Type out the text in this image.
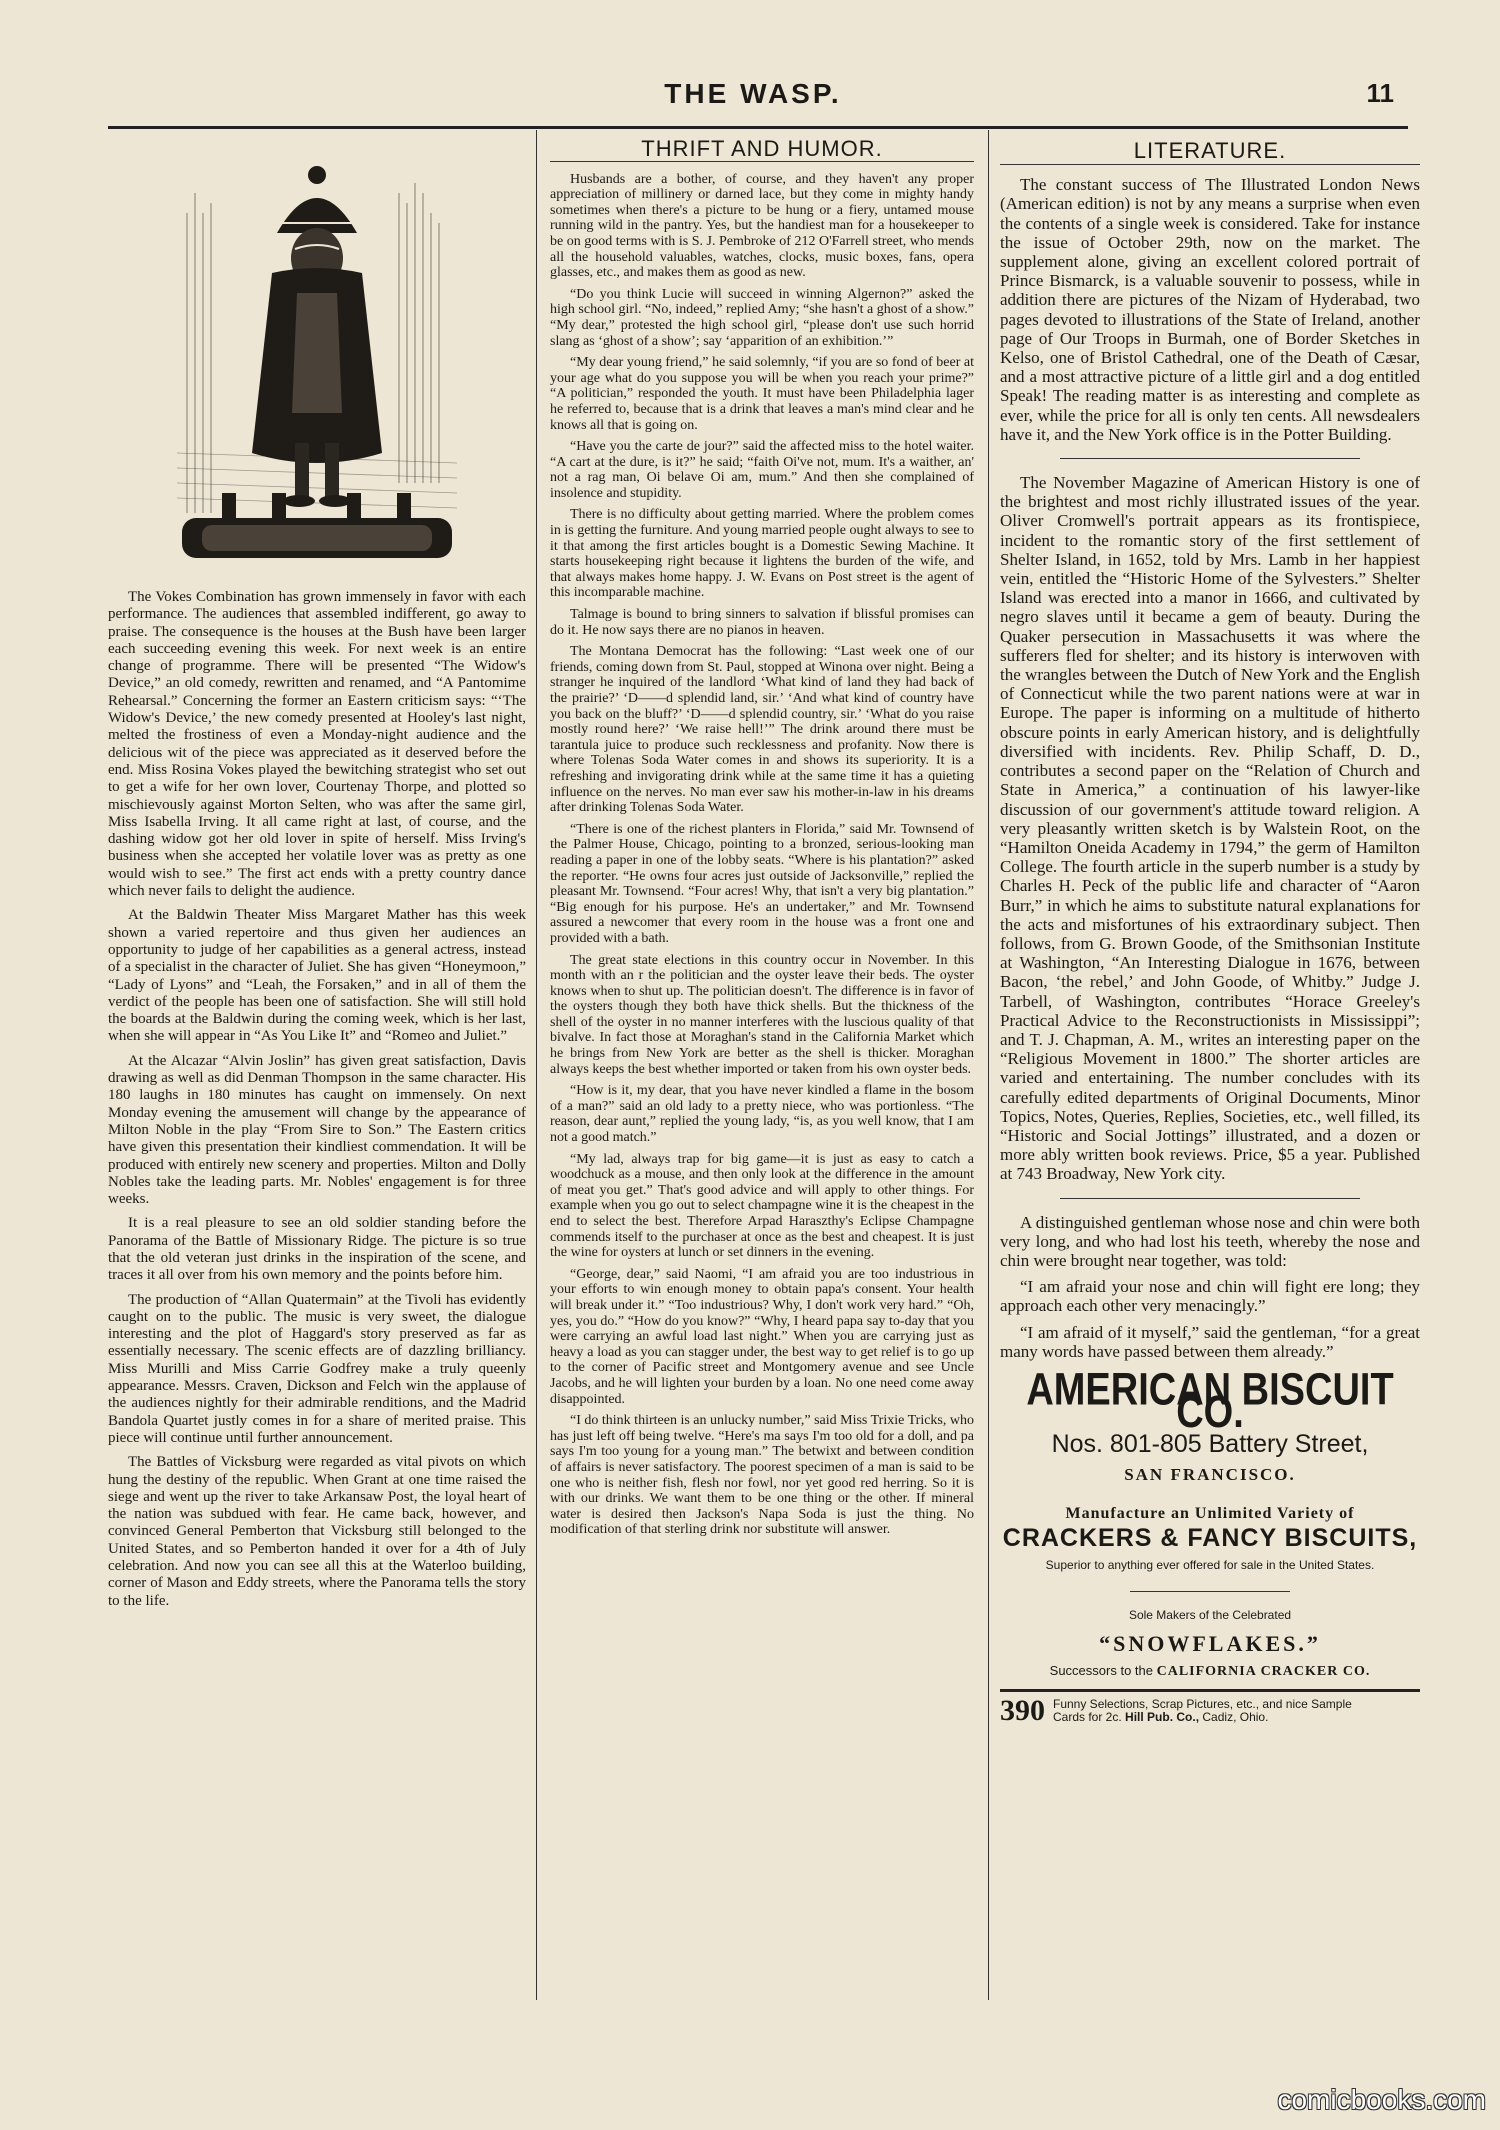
THE WASP.	11

The Vokes Combination has grown immensely in favor with each performance. The audiences that assembled indifferent, go away to praise. The consequence is the houses at the Bush have been larger each succeeding evening this week. For next week is an entire change of programme. There will be presented “The Widow's Device,” an old comedy, rewritten and renamed, and “A Pantomime Rehearsal.” Concerning the former an Eastern criticism says: “‘The Widow's Device,’ the new comedy presented at Hooley's last night, melted the frostiness of even a Monday-night audience and the delicious wit of the piece was appreciated as it deserved before the end. Miss Rosina Vokes played the bewitching strategist who set out to get a wife for her own lover, Courtenay Thorpe, and plotted so mischievously against Morton Selten, who was after the same girl, Miss Isabella Irving. It all came right at last, of course, and the dashing widow got her old lover in spite of herself. Miss Irving's business when she accepted her volatile lover was as pretty as one would wish to see.” The first act ends with a pretty country dance which never fails to delight the audience.

At the Baldwin Theater Miss Margaret Mather has this week shown a varied repertoire and thus given her audiences an opportunity to judge of her capabilities as a general actress, instead of a specialist in the character of Juliet. She has given “Honeymoon,” “Lady of Lyons” and “Leah, the Forsaken,” and in all of them the verdict of the people has been one of satisfaction. She will still hold the boards at the Baldwin during the coming week, which is her last, when she will appear in “As You Like It” and “Romeo and Juliet.”

At the Alcazar “Alvin Joslin” has given great satisfaction, Davis drawing as well as did Denman Thompson in the same character. His 180 laughs in 180 minutes has caught on immensely. On next Monday evening the amusement will change by the appearance of Milton Noble in the play “From Sire to Son.” The Eastern critics have given this presentation their kindliest commendation. It will be produced with entirely new scenery and properties. Milton and Dolly Nobles take the leading parts. Mr. Nobles' engagement is for three weeks.

It is a real pleasure to see an old soldier standing before the Panorama of the Battle of Missionary Ridge. The picture is so true that the old veteran just drinks in the inspiration of the scene, and traces it all over from his own memory and the points before him.

The production of “Allan Quatermain” at the Tivoli has evidently caught on to the public. The music is very sweet, the dialogue interesting and the plot of Haggard's story preserved as far as essentially necessary. The scenic effects are of dazzling brilliancy. Miss Murilli and Miss Carrie Godfrey make a truly queenly appearance. Messrs. Craven, Dickson and Felch win the applause of the audiences nightly for their admirable renditions, and the Madrid Bandola Quartet justly comes in for a share of merited praise. This piece will continue until further announcement.

The Battles of Vicksburg were regarded as vital pivots on which hung the destiny of the republic. When Grant at one time raised the siege and went up the river to take Arkansaw Post, the loyal heart of the nation was subdued with fear. He came back, however, and convinced General Pemberton that Vicksburg still belonged to the United States, and so Pemberton handed it over for a 4th of July celebration. And now you can see all this at the Waterloo building, corner of Mason and Eddy streets, where the Panorama tells the story to the life.

THRIFT AND HUMOR.

Husbands are a bother, of course, and they haven't any proper appreciation of millinery or darned lace, but they come in mighty handy sometimes when there's a picture to be hung or a fiery, untamed mouse running wild in the pantry. Yes, but the handiest man for a housekeeper to be on good terms with is S. J. Pembroke of 212 O'Farrell street, who mends all the household valuables, watches, clocks, music boxes, fans, opera glasses, etc., and makes them as good as new.

“Do you think Lucie will succeed in winning Algernon?” asked the high school girl. “No, indeed,” replied Amy; “she hasn't a ghost of a show.” “My dear,” protested the high school girl, “please don't use such horrid slang as ‘ghost of a show’; say ‘apparition of an exhibition.’”

“My dear young friend,” he said solemnly, “if you are so fond of beer at your age what do you suppose you will be when you reach your prime?” “A politician,” responded the youth. It must have been Philadelphia lager he referred to, because that is a drink that leaves a man's mind clear and he knows all that is going on.

“Have you the carte de jour?” said the affected miss to the hotel waiter. “A cart at the dure, is it?” he said; “faith Oi've not, mum. It's a waither, an' not a rag man, Oi belave Oi am, mum.” And then she complained of insolence and stupidity.

There is no difficulty about getting married. Where the problem comes in is getting the furniture. And young married people ought always to see to it that among the first articles bought is a Domestic Sewing Machine. It starts housekeeping right because it lightens the burden of the wife, and that always makes home happy. J. W. Evans on Post street is the agent of this incomparable machine.

Talmage is bound to bring sinners to salvation if blissful promises can do it. He now says there are no pianos in heaven.

The Montana Democrat has the following: “Last week one of our friends, coming down from St. Paul, stopped at Winona over night. Being a stranger he inquired of the landlord ‘What kind of land they had back of the prairie?’ ‘D——d splendid land, sir.’ ‘And what kind of country have you back on the bluff?’ ‘D——d splendid country, sir.’ ‘What do you raise mostly round here?’ ‘We raise hell!’” The drink around there must be tarantula juice to produce such recklessness and profanity. Now there is where Tolenas Soda Water comes in and shows its superiority. It is a refreshing and invigorating drink while at the same time it has a quieting influence on the nerves. No man ever saw his mother-in-law in his dreams after drinking Tolenas Soda Water.

“There is one of the richest planters in Florida,” said Mr. Townsend of the Palmer House, Chicago, pointing to a bronzed, serious-looking man reading a paper in one of the lobby seats. “Where is his plantation?” asked the reporter. “He owns four acres just outside of Jacksonville,” replied the pleasant Mr. Townsend. “Four acres! Why, that isn't a very big plantation.” “Big enough for his purpose. He's an undertaker,” and Mr. Townsend assured a newcomer that every room in the house was a front one and provided with a bath.

The great state elections in this country occur in November. In this month with an r the politician and the oyster leave their beds. The oyster knows when to shut up. The politician doesn't. The difference is in favor of the oysters though they both have thick shells. But the thickness of the shell of the oyster in no manner interferes with the luscious quality of that bivalve. In fact those at Moraghan's stand in the California Market which he brings from New York are better as the shell is thicker. Moraghan always keeps the best whether imported or taken from his own oyster beds.

“How is it, my dear, that you have never kindled a flame in the bosom of a man?” said an old lady to a pretty niece, who was portionless. “The reason, dear aunt,” replied the young lady, “is, as you well know, that I am not a good match.”

“My lad, always trap for big game—it is just as easy to catch a woodchuck as a mouse, and then only look at the difference in the amount of meat you get.” That's good advice and will apply to other things. For example when you go out to select champagne wine it is the cheapest in the end to select the best. Therefore Arpad Haraszthy's Eclipse Champagne commends itself to the purchaser at once as the best and cheapest. It is just the wine for oysters at lunch or set dinners in the evening.

“George, dear,” said Naomi, “I am afraid you are too industrious in your efforts to win enough money to obtain papa's consent. Your health will break under it.” “Too industrious? Why, I don't work very hard.” “Oh, yes, you do.” “How do you know?” “Why, I heard papa say to-day that you were carrying an awful load last night.” When you are carrying just as heavy a load as you can stagger under, the best way to get relief is to go up to the corner of Pacific street and Montgomery avenue and see Uncle Jacobs, and he will lighten your burden by a loan. No one need come away disappointed.

“I do think thirteen is an unlucky number,” said Miss Trixie Tricks, who has just left off being twelve. “Here's ma says I'm too old for a doll, and pa says I'm too young for a young man.” The betwixt and between condition of affairs is never satisfactory. The poorest specimen of a man is said to be one who is neither fish, flesh nor fowl, nor yet good red herring. So it is with our drinks. We want them to be one thing or the other. If mineral water is desired then Jackson's Napa Soda is just the thing. No modification of that sterling drink nor substitute will answer.

LITERATURE.

The constant success of The Illustrated London News (American edition) is not by any means a surprise when even the contents of a single week is considered. Take for instance the issue of October 29th, now on the market. The supplement alone, giving an excellent colored portrait of Prince Bismarck, is a valuable souvenir to possess, while in addition there are pictures of the Nizam of Hyderabad, two pages devoted to illustrations of the State of Ireland, another page of Our Troops in Burmah, one of Border Sketches in Kelso, one of Bristol Cathedral, one of the Death of Cæsar, and a most attractive picture of a little girl and a dog entitled Speak! The reading matter is as interesting and complete as ever, while the price for all is only ten cents. All newsdealers have it, and the New York office is in the Potter Building.

The November Magazine of American History is one of the brightest and most richly illustrated issues of the year. Oliver Cromwell's portrait appears as its frontispiece, incident to the romantic story of the first settlement of Shelter Island, in 1652, told by Mrs. Lamb in her happiest vein, entitled the “Historic Home of the Sylvesters.” Shelter Island was erected into a manor in 1666, and cultivated by negro slaves until it became a gem of beauty. During the Quaker persecution in Massachusetts it was where the sufferers fled for shelter; and its history is interwoven with the wrangles between the Dutch of New York and the English of Connecticut while the two parent nations were at war in Europe. The paper is informing on a multitude of hitherto obscure points in early American history, and is delightfully diversified with incidents. Rev. Philip Schaff, D. D., contributes a second paper on the “Relation of Church and State in America,” a continuation of his lawyer-like discussion of our government's attitude toward religion. A very pleasantly written sketch is by Walstein Root, on the “Hamilton Oneida Academy in 1794,” the germ of Hamilton College. The fourth article in the superb number is a study by Charles H. Peck of the public life and character of “Aaron Burr,” in which he aims to substitute natural explanations for the acts and misfortunes of his extraordinary subject. Then follows, from G. Brown Goode, of the Smithsonian Institute at Washington, “An Interesting Dialogue in 1676, between Bacon, ‘the rebel,’ and John Goode, of Whitby.” Judge J. Tarbell, of Washington, contributes “Horace Greeley's Practical Advice to the Reconstructionists in Mississippi”; and T. J. Chapman, A. M., writes an interesting paper on the “Religious Movement in 1800.” The shorter articles are varied and entertaining. The number concludes with its carefully edited departments of Original Documents, Minor Topics, Notes, Queries, Replies, Societies, etc., well filled, its “Historic and Social Jottings” illustrated, and a dozen or more ably written book reviews. Price, $5 a year. Published at 743 Broadway, New York city.

A distinguished gentleman whose nose and chin were both very long, and who had lost his teeth, whereby the nose and chin were brought near together, was told:

“I am afraid your nose and chin will fight ere long; they approach each other very menacingly.”

“I am afraid of it myself,” said the gentleman, “for a great many words have passed between them already.”

AMERICAN BISCUIT CO.
Nos. 801-805 Battery Street,
SAN FRANCISCO.
Manufacture an Unlimited Variety of
CRACKERS & FANCY BISCUITS,
Superior to anything ever offered for sale in the United States.
Sole Makers of the Celebrated
“SNOWFLAKES.”
Successors to the CALIFORNIA CRACKER CO.
390 Funny Selections, Scrap Pictures, etc., and nice Sample
Cards for 2c. Hill Pub. Co., Cadiz, Ohio.
comicbooks.com
